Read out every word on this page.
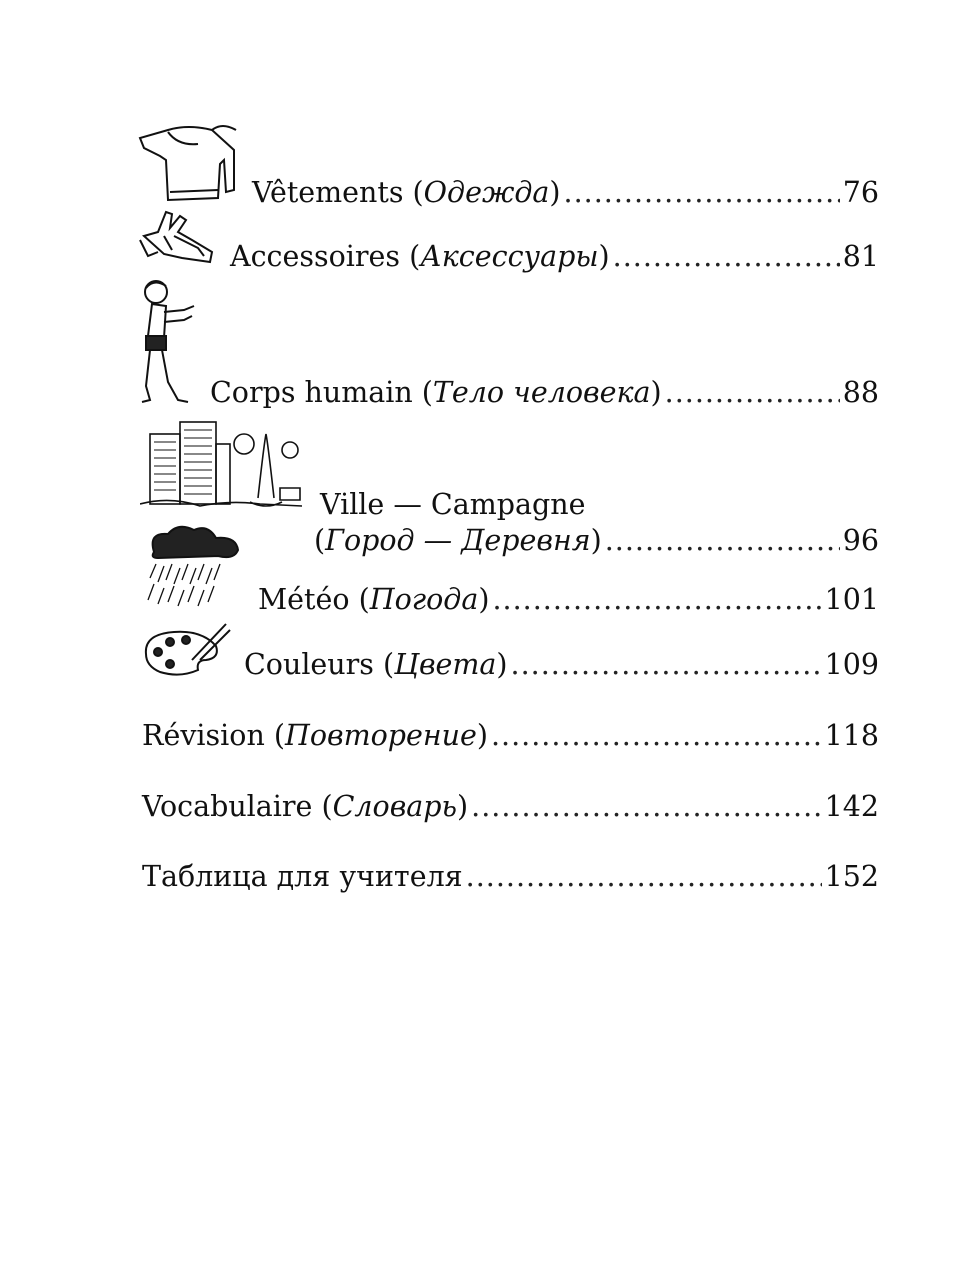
Vêtements (Одежда) .....	76
Accessoires (Аксессуары) .....	81
Corps humain (Тело человека) .....	88
Ville — Campagne
(Город — Деревня) .....	96
Météo (Погода) .....	101
Couleurs (Цвета) .....	109
Révision (Повторение) .....	118
Vocabulaire (Словарь) .....	142
Таблица для учителя .....	152
